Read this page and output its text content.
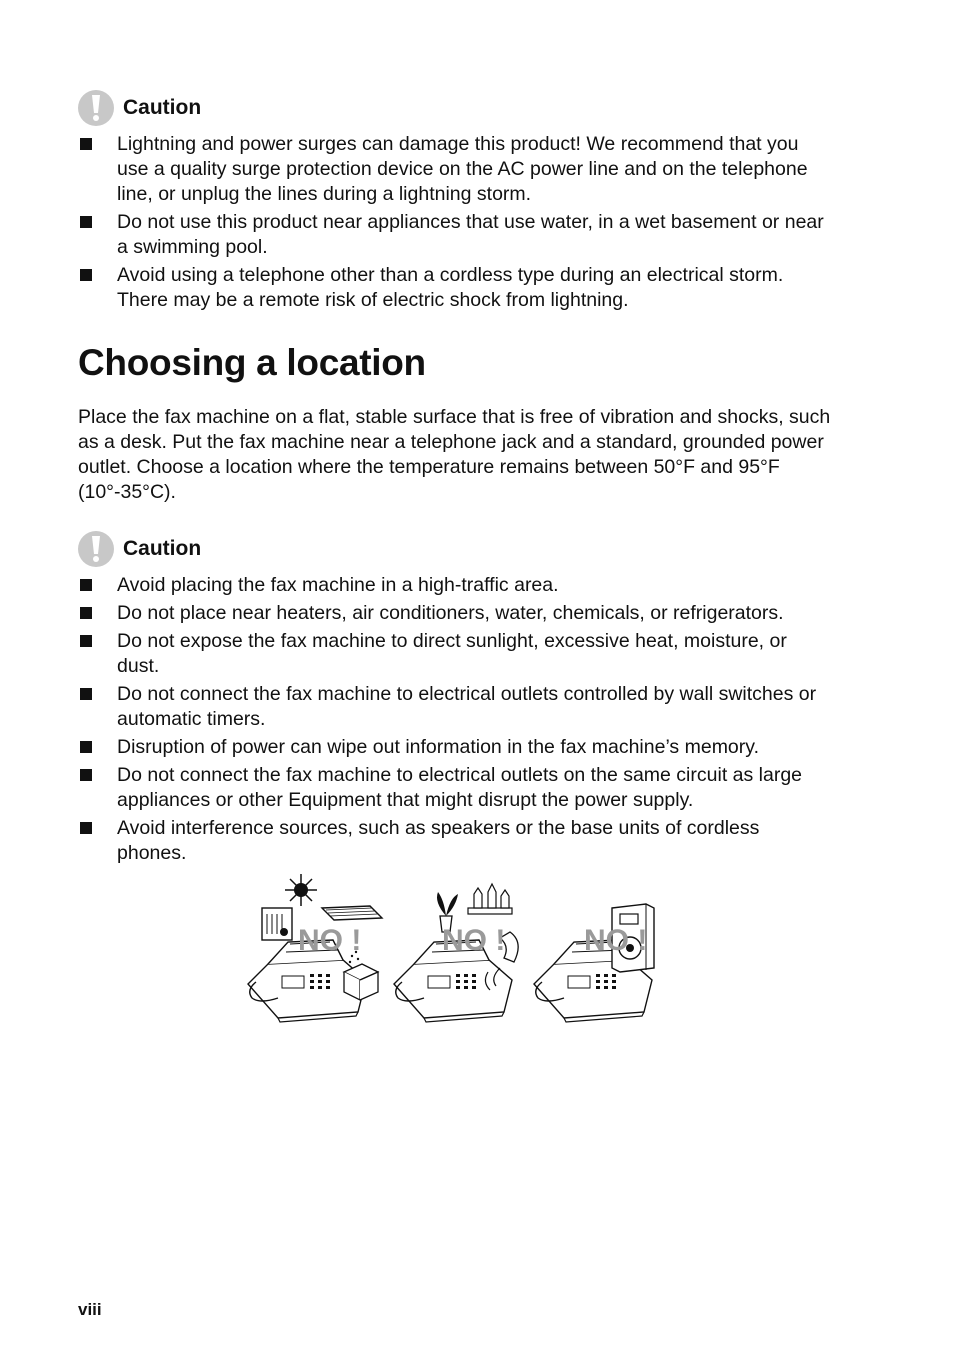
Caution
Lightning and power surges can damage this product! We recommend that you use a quality surge protection device on the AC power line and on the telephone line, or unplug the lines during a lightning storm.
Do not use this product near appliances that use water, in a wet basement or near a swimming pool.
Avoid using a telephone other than a cordless type during an electrical storm. There may be a remote risk of electric shock from lightning.
Choosing a location

Place the fax machine on a flat, stable surface that is free of vibration and shocks, such as a desk. Put the fax machine near a telephone jack and a standard, grounded power outlet. Choose a location where the temperature remains between 50°F and 95°F (10°-35°C).

Caution
Avoid placing the fax machine in a high-traffic area.
Do not place near heaters, air conditioners, water, chemicals, or refrigerators.
Do not expose the fax machine to direct sunlight, excessive heat, moisture, or dust.
Do not connect the fax machine to electrical outlets controlled by wall switches or automatic timers.
Disruption of power can wipe out information in the fax machine’s memory.
Do not connect the fax machine to electrical outlets on the same circuit as large appliances or other Equipment that might disrupt the power supply.
Avoid interference sources, such as speakers or the base units of cordless phones.
NO !	NO !	NO !
viii
